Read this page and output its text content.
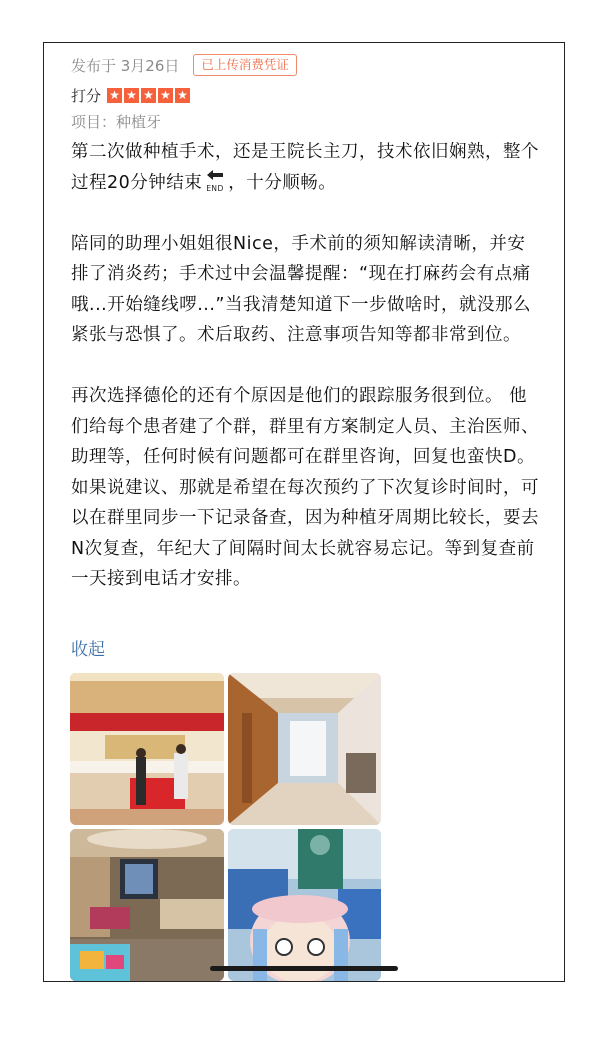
发布于 3月26日	已上传消费凭证
打分 ★ ★ ★ ★ ★
项目：种植牙

第二次做种植手术，还是王院长主刀，技术依旧娴熟，整个过程20分钟结束 END ，十分顺畅。

陪同的助理小姐姐很Nice，手术前的须知解读清晰，并安排了消炎药；手术过中会温馨提醒：“现在打麻药会有点痛哦...开始缝线啰...”当我清楚知道下一步做啥时，就没那么紧张与恐惧了。术后取药、注意事项告知等都非常到位。

再次选择德伦的还有个原因是他们的跟踪服务很到位。 他们给每个患者建了个群，群里有方案制定人员、主治医师、助理等，任何时候有问题都可在群里咨询，回复也蛮快D。

如果说建议、那就是希望在每次预约了下次复诊时间时，可以在群里同步一下记录备查，因为种植牙周期比较长，要去N次复查，年纪大了间隔时间太长就容易忘记。等到复查前一天接到电话才安排。

收起
